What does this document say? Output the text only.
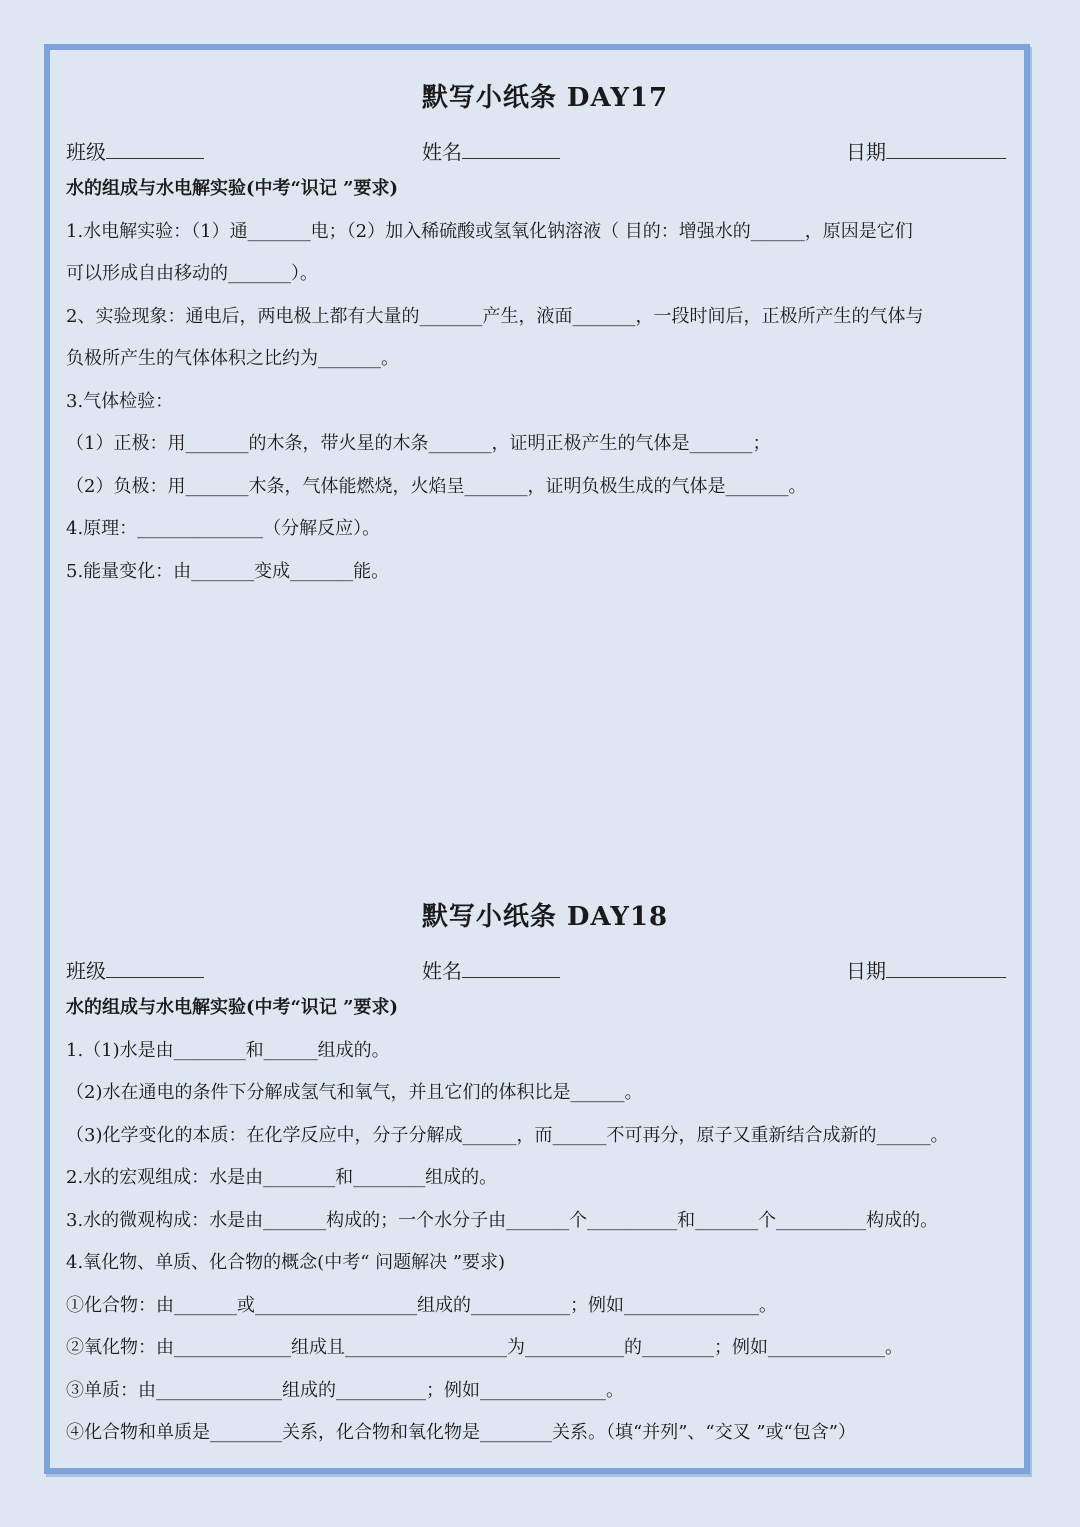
默写小纸条 DAY17
班级	姓名	日期
水的组成与水电解实验(中考“识记 ”要求)
1.水电解实验：（1）通_______电；（2）加入稀硫酸或氢氧化钠溶液（ 目的：增强水的______，原因是它们
可以形成自由移动的_______）。
2、实验现象：通电后，两电极上都有大量的_______产生，液面_______，一段时间后，正极所产生的气体与
负极所产生的气体体积之比约为_______。
3.气体检验：
（1）正极：用_______的木条，带火星的木条_______，证明正极产生的气体是_______；
（2）负极：用_______木条，气体能燃烧，火焰呈_______，证明负极生成的气体是_______。
4.原理：______________（分解反应）。
5.能量变化：由_______变成_______能。
默写小纸条 DAY18
班级	姓名	日期
水的组成与水电解实验(中考“识记 ”要求)
1.（1)水是由________和______组成的。
（2)水在通电的条件下分解成氢气和氧气，并且它们的体积比是______。
（3)化学变化的本质：在化学反应中，分子分解成______，而______不可再分，原子又重新结合成新的______。
2.水的宏观组成：水是由________和________组成的。
3.水的微观构成：水是由_______构成的；一个水分子由_______个__________和_______个__________构成的。
4.氧化物、单质、化合物的概念(中考“ 问题解决 ”要求)
①化合物：由_______或__________________组成的___________；例如_______________。
②氧化物：由_____________组成且__________________为___________的________；例如_____________。
③单质：由______________组成的__________；例如______________。
④化合物和单质是________关系，化合物和氧化物是________关系。（填“并列”、“交叉 ”或“包含”）
